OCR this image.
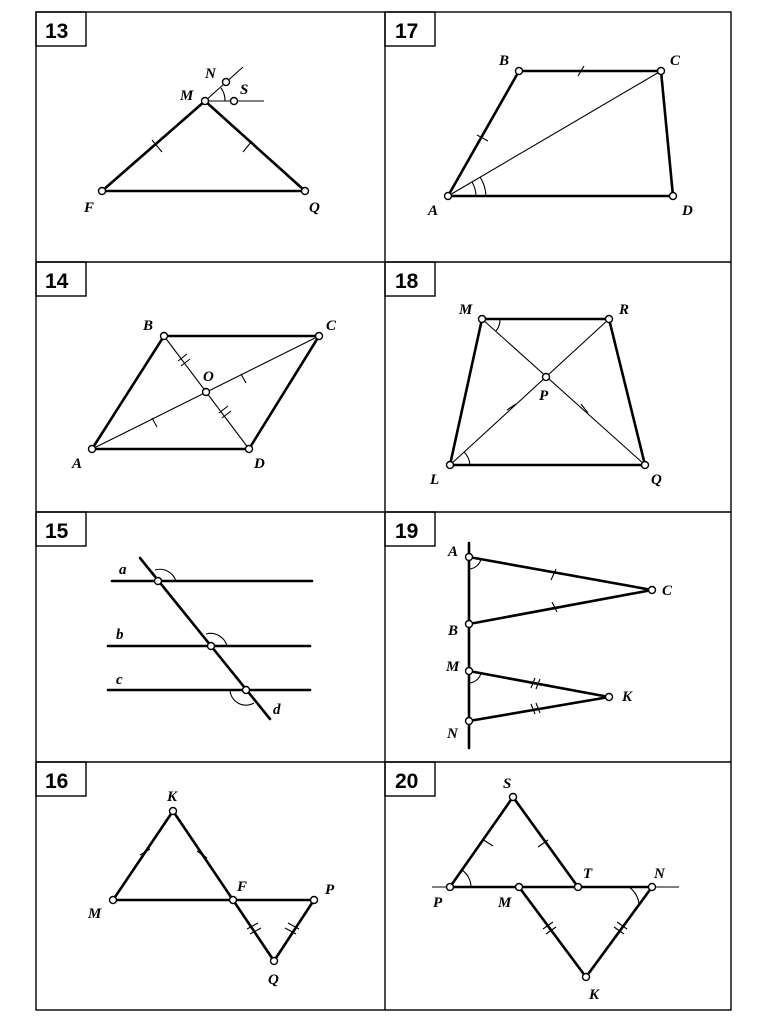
13
N
S
M
F	Q
17
B	C
A	D
14
B	C
O
A	D
18
M	R
P
L	Q
15
a
b
c
d
19
A
C
B
M
K
N
16
K
F	P
M
Q
20	S
T	N
P	M
K
